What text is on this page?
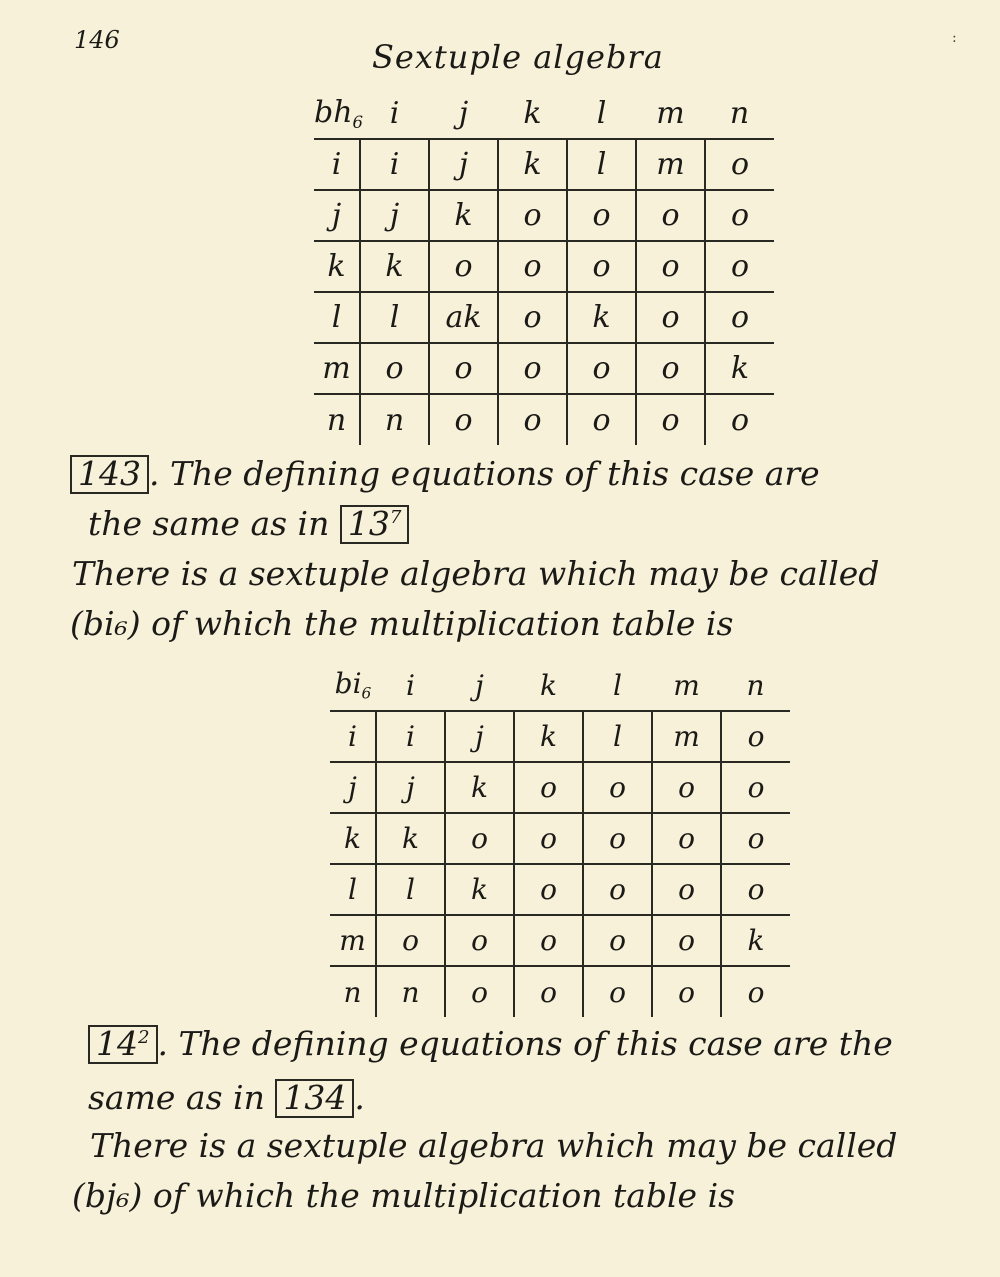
146	:
Sextuple algebra
$bh_6$	i	j	k	l	m	n
i	i	j	k	l	m	o
j	j	k	o	o	o	o
k	k	o	o	o	o	o
l	l	ak	o	k	o	o
m	o	o	o	o	o	k
n	n	o	o	o	o	o
143 . The defining equations of this case are
the same as in $13^7$
There is a sextuple algebra which may be called
(bi₆) of which the multiplication table is
$bi_6$	i	j	k	l	m	n
i	i	j	k	l	m	o
j	j	k	o	o	o	o
k	k	o	o	o	o	o
l	l	k	o	o	o	o
m	o	o	o	o	o	k
n	n	o	o	o	o	o
$14^2$ . The defining equations of this case are the
same as in 134 .
There is a sextuple algebra which may be called
(bj₆) of which the multiplication table is
